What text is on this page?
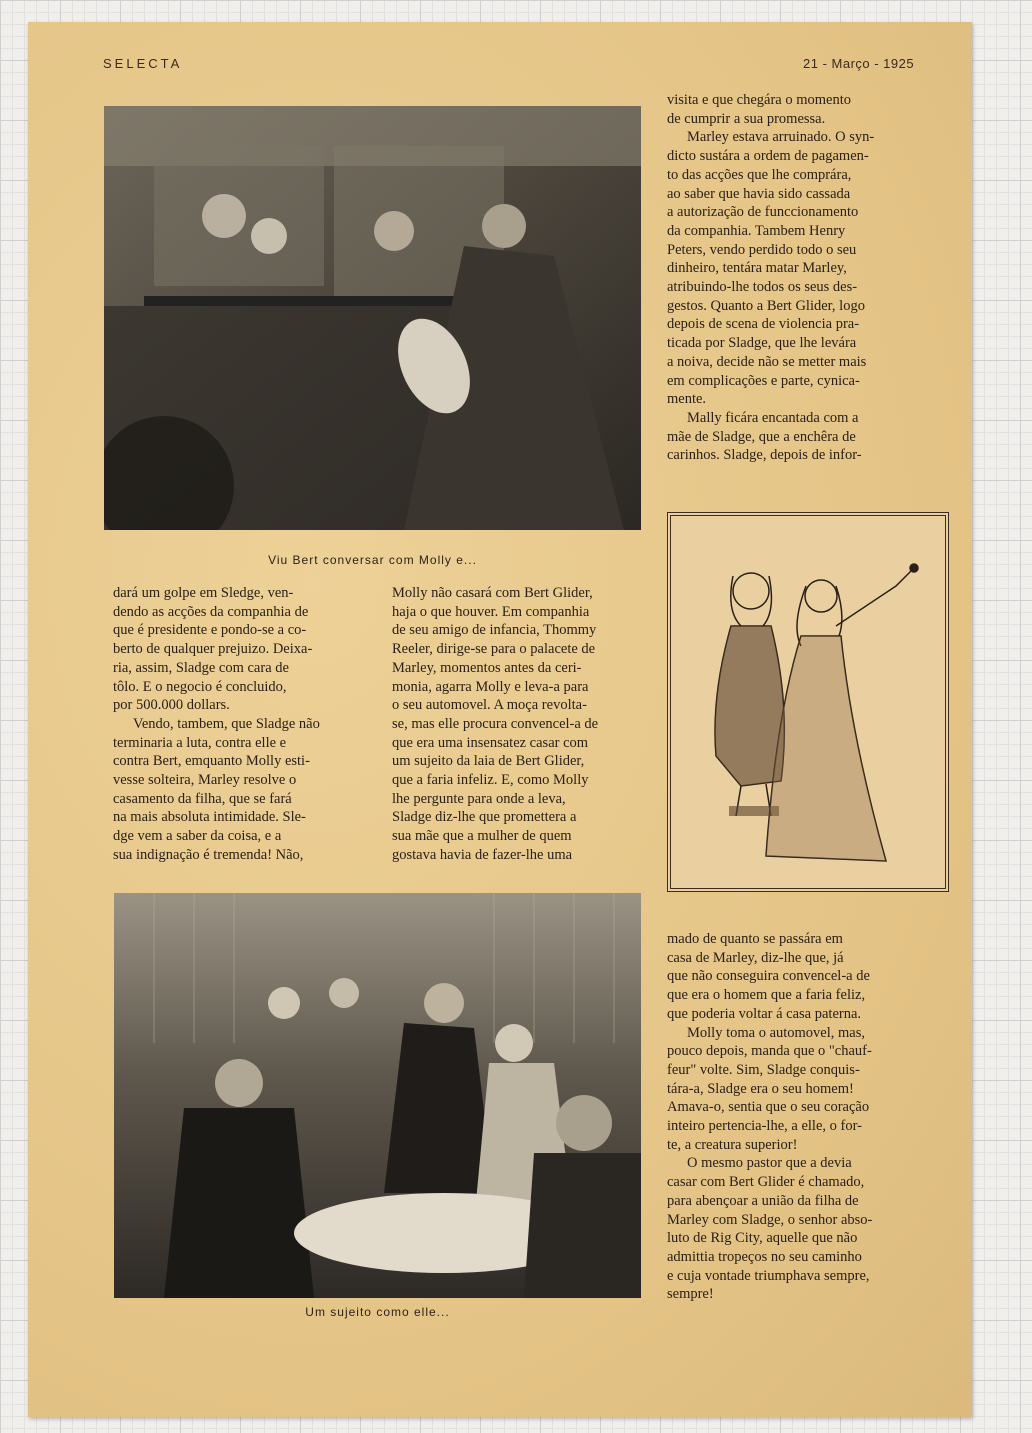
SELECTA	21 - Março - 1925
Viu Bert conversar com Molly e...

visita e que chegára o momento
de cumprir a sua promessa.

Marley estava arruinado. O syn-
dicto sustára a ordem de pagamen-
to das acções que lhe comprára,
ao saber que havia sido cassada
a autorização de funccionamento
da companhia. Tambem Henry
Peters, vendo perdido todo o seu
dinheiro, tentára matar Marley,
atribuindo-lhe todos os seus des-
gestos. Quanto a Bert Glider, logo
depois de scena de violencia pra-
ticada por Sladge, que lhe levára
a noiva, decide não se metter mais
em complicações e parte, cynica-
mente.

Mally ficára encantada com a
mãe de Sladge, que a enchêra de
carinhos. Sladge, depois de infor-

dará um golpe em Sledge, ven-
dendo as acções da companhia de
que é presidente e pondo-se a co-
berto de qualquer prejuizo. Deixa-
ria, assim, Sladge com cara de
tôlo. E o negocio é concluido,
por 500.000 dollars.

Vendo, tambem, que Sladge não
terminaria a luta, contra elle e
contra Bert, emquanto Molly esti-
vesse solteira, Marley resolve o
casamento da filha, que se fará
na mais absoluta intimidade. Sle-
dge vem a saber da coisa, e a
sua indignação é tremenda! Não,

Molly não casará com Bert Glider,
haja o que houver. Em companhia
de seu amigo de infancia, Thommy
Reeler, dirige-se para o palacete de
Marley, momentos antes da ceri-
monia, agarra Molly e leva-a para
o seu automovel. A moça revolta-
se, mas elle procura convencel-a de
que era uma insensatez casar com
um sujeito da laia de Bert Glider,
que a faria infeliz. E, como Molly
lhe pergunte para onde a leva,
Sladge diz-lhe que promettera a
sua mãe que a mulher de quem
gostava havia de fazer-lhe uma

Um sujeito como elle...

mado de quanto se passára em
casa de Marley, diz-lhe que, já
que não conseguira convencel-a de
que era o homem que a faria feliz,
que poderia voltar á casa paterna.

Molly toma o automovel, mas,
pouco depois, manda que o "chauf-
feur" volte. Sim, Sladge conquis-
tára-a, Sladge era o seu homem!
Amava-o, sentia que o seu coração
inteiro pertencia-lhe, a elle, o for-
te, a creatura superior!

O mesmo pastor que a devia
casar com Bert Glider é chamado,
para abençoar a união da filha de
Marley com Sladge, o senhor abso-
luto de Rig City, aquelle que não
admittia tropeços no seu caminho
e cuja vontade triumphava sempre,
sempre!
